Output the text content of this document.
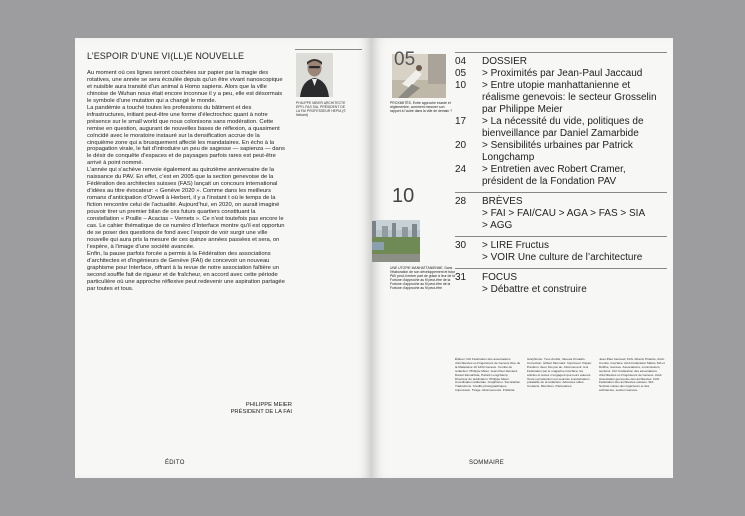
L’ESPOIR D’UNE VI(LL)E NOUVELLE

Au moment où ces lignes seront couchées sur papier par la magie des rotatives, une année se sera écoulée depuis qu’un être vivant nanoscopique et nuisible aura transité d’un animal à Homo sapiens. Alors que la ville chinoise de Wuhan nous était encore inconnue il y a peu, elle est désormais le symbole d’une mutation qui a changé le monde.

La pandémie a touché toutes les professions du bâtiment et des infrastructures, initiant peut-être une forme d’électrochoc quant à notre présence sur le small world que nous colonisons sans modération. Cette remise en question, augurant de nouvelles bases de réflexion, a quasiment coïncidé avec le moratoire instauré sur la densification accrue de la cinquième zone qui a brusquement affecté les mandataires. En écho à la propagation virale, le fait d’introduire un peu de sagesse — sapienza — dans le désir de conquête d’espaces et de paysages parfois rares est peut-être arrivé à point nommé.

L’année qui s’achève renvoie également au quinzième anniversaire de la naissance du PAV. En effet, c’est en 2005 que la section genevoise de la Fédération des architectes suisses (FAS) lançait un concours international d’idées au titre évocateur: « Genève 2020 ». Comme dans les meilleurs romans d’anticipation d’Orwell à Herbert, il y a l’instant t où le temps de la fiction rencontre celui de l’actualité. Aujourd’hui, en 2020, on aurait imaginé pouvoir tirer un premier bilan de ces futurs quartiers constituant la constellation « Praille – Acacias – Vernets ». Ce n’est toutefois pas encore le cas. Le cahier thématique de ce numéro d’Interface montre qu’il est opportun de se poser des questions de fond avec l’espoir de voir surgir une ville nouvelle qui aura pris la mesure de ces quinze années passées et sera, on l’espère, à l’image d’une société avancée.

Enfin, la pause parfois forcée a permis à la Fédération des associations d’architectes et d’ingénieurs de Genève (FAI) de concevoir un nouveau graphisme pour Interface, offrant à la revue de notre association faîtière un second souffle fait de rigueur et de fraîcheur, en accord avec cette période particulière où une approche réflexive peut redevenir une aspiration partagée par toutes et tous.

PHILIPPE MEIER
PRÉSIDENT DE LA FAI
PHILIPPE MEIER ARCHITECTE EPFL FAS SIA, PRÉSIDENT DE LA FAI PROFESSEUR HEPIA (© Nekard)
ÉDITO
05
PROXIMITÉS. Entre approche exacte et réglementée, comment mesurer son rapport à l’autre dans la ville de demain ?
10
UNE UTOPIE MANHATTANIENNE. Dans l’élaboration de son développement et futur PAV peut-il entrer part de grâce à leur de la Fortune d’approche au fil peut-être de la Fortune d’approche au fil peut-être de la Fortune d’approche au fil peut-être
04	DOSSIER
05	> Proximités par Jean-Paul Jaccaud
10	> Entre utopie manhattanienne et réalisme genevois: le secteur Grosselin par Philippe Meier
17	> La nécessité du vide, politiques de bienveillance par Daniel Zamarbide
20	> Sensibilités urbaines par Patrick Longchamp
24	> Entretien avec Robert Cramer, président de la Fondation PAV
28	BRÈVES
> FAI > FAI/CAU > AGA > FAS > SIA
> AGG
30	> LIRE Fructus
> VOIR Une culture de l’architecture
31	FOCUS
> Débattre et construire
Éditeur: FAI Fédération des associations d’architectes et d’ingénieurs de Genève Rue de la Madeleine 16 1204 Genève. Comité de rédaction: Philippe Meier, Jean-Paul Jaccaud, Daniel Zamarbide, Patrick Longchamp. Directeur de publication: Philippe Meier. Coordination éditoriale. Graphisme. Secrétariat. Traductions. Crédits photographiques. Impression. Tirage. Abonnements. Publicité.
Graphisme: Yves Andrié, Vanesa Krmadlo. Correction: Gilbert Monnard. Imprimeur. Papier. Parution: deux fois par an. Abonnement: à la Fédération par le magazine Interface; les articles et textes n’engagent que leurs auteurs. Toute reproduction est soumise à autorisation préalable de la rédaction. Adresses utiles. Contacts. Membres. Partenaires.
Jean-Paul Jaccaud, FAS. Alberto Pinardo, AGA. Comité, Interface. AGA Fédération Maître SIA et Dollfus, Genève. Associations, commissions, sections. FAI: Fédération des associations d’architectes et d’ingénieurs de Genève. AGA: Association genevoise des architectes. FAS: Fédération des architectes suisses. SIA: Société suisse des ingénieurs et des architectes, section Genève.
SOMMAIRE
